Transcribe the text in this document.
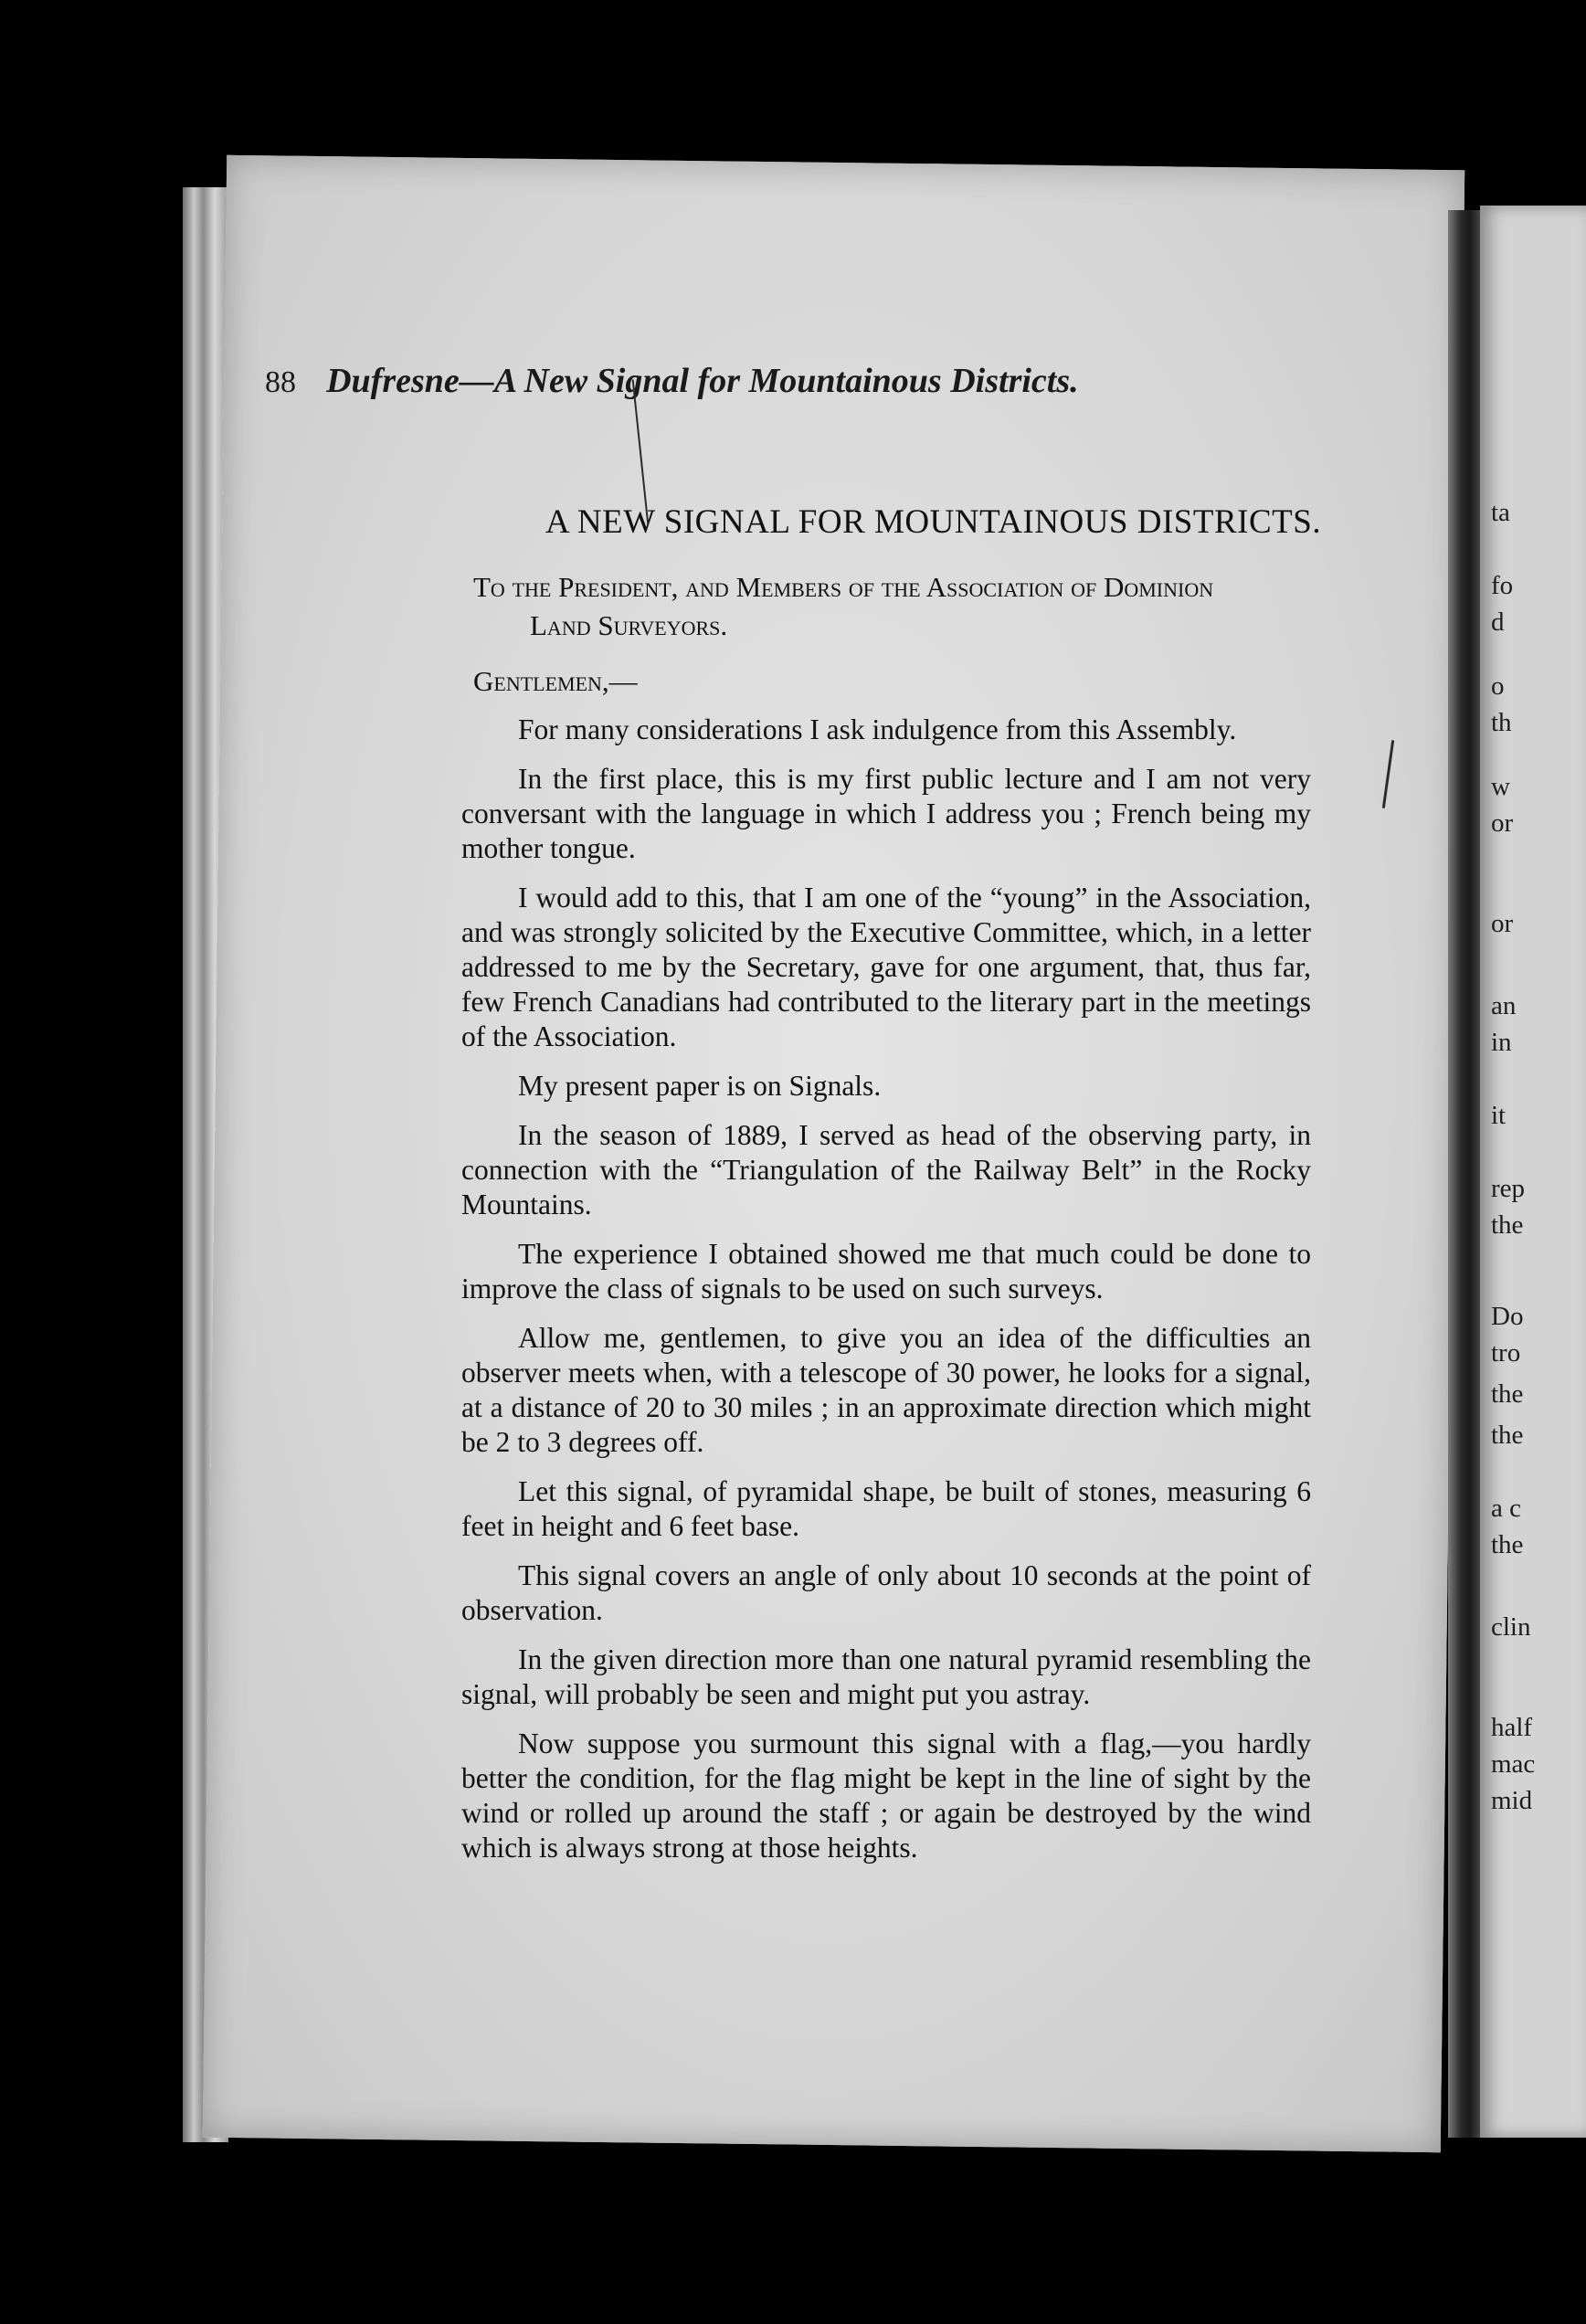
ta
fo
d
o
th
w
or
or
an
in
it
rep
the
Do
tro
the
the
a c
the
clin
half
mac
mid
88 Dufresne—A New Signal for Mountainous Districts.
A NEW SIGNAL FOR MOUNTAINOUS DISTRICTS.
To the President, and Members of the Association of Dominion
Land Surveyors.
Gentlemen,—

For many considerations I ask indulgence from this Assembly.

In the first place, this is my first public lecture and I am not very conversant with the language in which I address you ; French being my mother tongue.

I would add to this, that I am one of the “young” in the Association, and was strongly solicited by the Executive Committee, which, in a letter addressed to me by the Secretary, gave for one argument, that, thus far, few French Canadians had contributed to the literary part in the meetings of the Association.

My present paper is on Signals.

In the season of 1889, I served as head of the observing party, in connection with the “Triangulation of the Railway Belt” in the Rocky Mountains.

The experience I obtained showed me that much could be done to improve the class of signals to be used on such surveys.

Allow me, gentlemen, to give you an idea of the difficulties an observer meets when, with a telescope of 30 power, he looks for a signal, at a distance of 20 to 30 miles ; in an approximate direction which might be 2 to 3 degrees off.

Let this signal, of pyramidal shape, be built of stones, measuring 6 feet in height and 6 feet base.

This signal covers an angle of only about 10 seconds at the point of observation.

In the given direction more than one natural pyramid resembling the signal, will probably be seen and might put you astray.

Now suppose you surmount this signal with a flag,—you hardly better the condition, for the flag might be kept in the line of sight by the wind or rolled up around the staff ; or again be destroyed by the wind which is always strong at those heights.
